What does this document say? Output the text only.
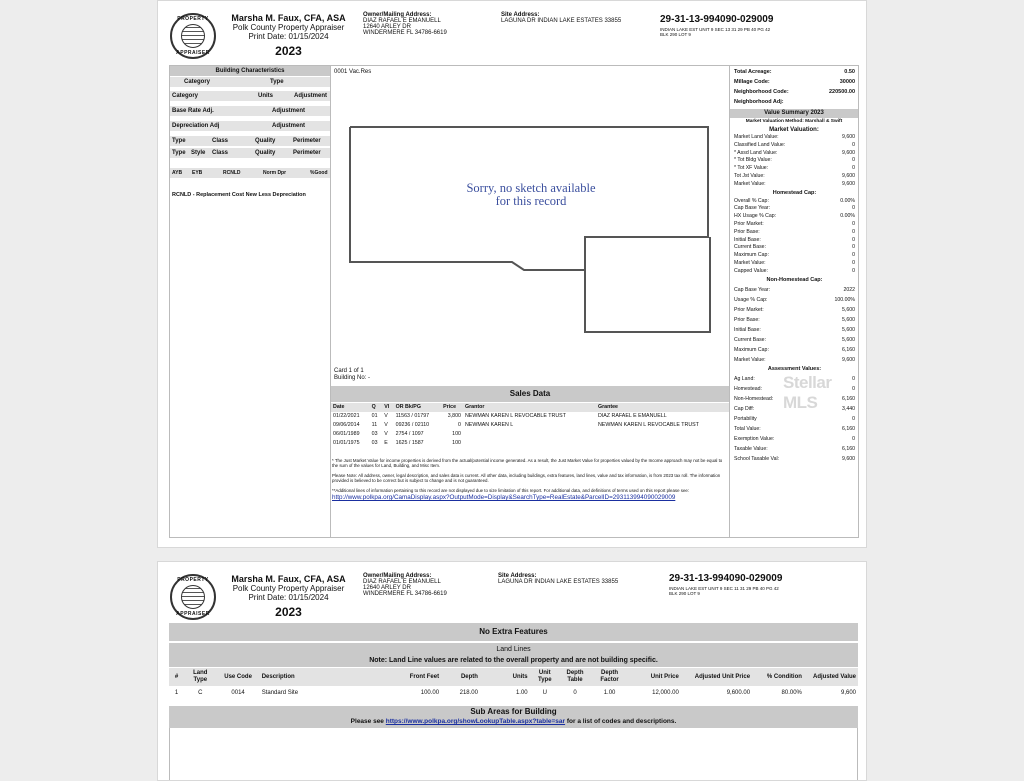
PROPERTY
APPRAISER
Marsha M. Faux, CFA, ASA
Polk County Property Appraiser
Print Date: 01/15/2024
2023
Owner/Mailing Address:
DIAZ RAFAEL E EMANUELL
12640 ARLEY DR
WINDERMERE FL 34786-6619
Site Address:
LAGUNA DR INDIAN LAKE ESTATES 33855	29-31-13-994090-029009
INDIAN LAKE EST UNIT 9 SEC 13 31 29 PB 40 PG 42
BLK 290 LOT 9
Building Characteristics
Category	Type
Category	Units	Adjustment
Base Rate Adj.	Adjustment
Depreciation Adj	Adjustment
Type	Class	Quality	Perimeter
Type Style Class	Quality	Perimeter
AYB EYB	RCNLD	Norm Dpr	%Good
RCNLD - Replacement Cost New Less Depreciation
0001 Vac.Res
Sorry, no sketch available
for this record
Card 1 of 1
Building No: -
Sales Data
Date	Q	VI	OR Bk/PG	Price	Grantor	Grantee
01/22/2021	01	V	11563 / 01797	3,800	NEWMAN KAREN L REVOCABLE TRUST	DIAZ RAFAEL E EMANUELL
09/06/2014	11	V	09236 / 02110	0	NEWMAN KAREN L	NEWMAN KAREN L REVOCABLE TRUST
06/01/1989	03	V	2754 / 1097	100		
01/01/1975	03	E	1625 / 1587	100		
* The Just Market Value for income properties is derived from the actual/potential income generated. As a result, the Just Market Value for properties valued by the Income approach may not be equal to the sum of the values for Land, Building, and Misc Item.
Please Note: All address, owner, legal description, and sales data is current. All other data, including buildings, extra features, land lines, value and tax information, is from 2023 tax roll. The information provided is believed to be correct but is subject to change and is not guaranteed.
**Additional lines of information pertaining to this record are not displayed due to size limitation of this report. For additional data, and definitions of terms used on this report please see:
http://www.polkpa.org/CamaDisplay.aspx?OutputMode=Display&SearchType=RealEstate&ParcelID=293113994090029009
Total Acreage:	0.50
Millage Code:	30000
Neighborhood Code:	220500.00
Neighborhood Adj:
Value Summary 2023
Market Valuation Method: Marshall & Swift
Market Valuation:
Market Land Value:	9,600
Classified Land Value:	0
* Assd Land Value:	9,600
* Tot Bldg Value:	0
* Tot XF Value:	0
Tot Jst Value:	9,600
Market Value:	9,600
Homestead Cap:
Overall % Cap:	0.00%
Cap Base Year:	0
HX Usage % Cap:	0.00%
Prior Market:	0
Prior Base:	0
Initial Base:	0
Current Base:	0
Maximum Cap:	0
Market Value:	0
Capped Value:	0
Non-Homestead Cap:
Cap Base Year:	2022
Usage % Cap:	100.00%
Prior Market:	5,600
Prior Base:	5,600
Initial Base:	5,600
Current Base:	5,600
Maximum Cap:	6,160
Market Value:	9,600
Assessment Values:
Ag Land:	0
Homestead:	0
Non-Homestead:	6,160
Cap Diff:	3,440
Portability	0
Total Value:	6,160
Exemption Value:	0
Taxable Value:	6,160
School Taxable Val:	9,600
Stellar MLS
PROPERTY
APPRAISER
Marsha M. Faux, CFA, ASA
Polk County Property Appraiser
Print Date: 01/15/2024
2023
Owner/Mailing Address:
DIAZ RAFAEL E EMANUELL
12640 ARLEY DR
WINDERMERE FL 34786-6619
Site Address:
LAGUNA DR INDIAN LAKE ESTATES 33855	29-31-13-994090-029009
INDIAN LAKE EST UNIT 9 SEC 11 31 29 PB 40 PG 42
BLK 290 LOT 9
No Extra Features
Land Lines
Note: Land Line values are related to the overall property and are not building specific.
#	Land Type	Use Code	Description	Front Feet	Depth	Units	Unit Type	Depth Table	Depth Factor	Unit Price	Adjusted Unit Price	% Condition	Adjusted Value
1	C	0014	Standard Site	100.00	218.00	1.00	U	0	1.00	12,000.00	9,600.00	80.00%	9,600
Sub Areas for Building
Please see https://www.polkpa.org/showLookupTable.aspx?table=sar for a list of codes and descriptions.
